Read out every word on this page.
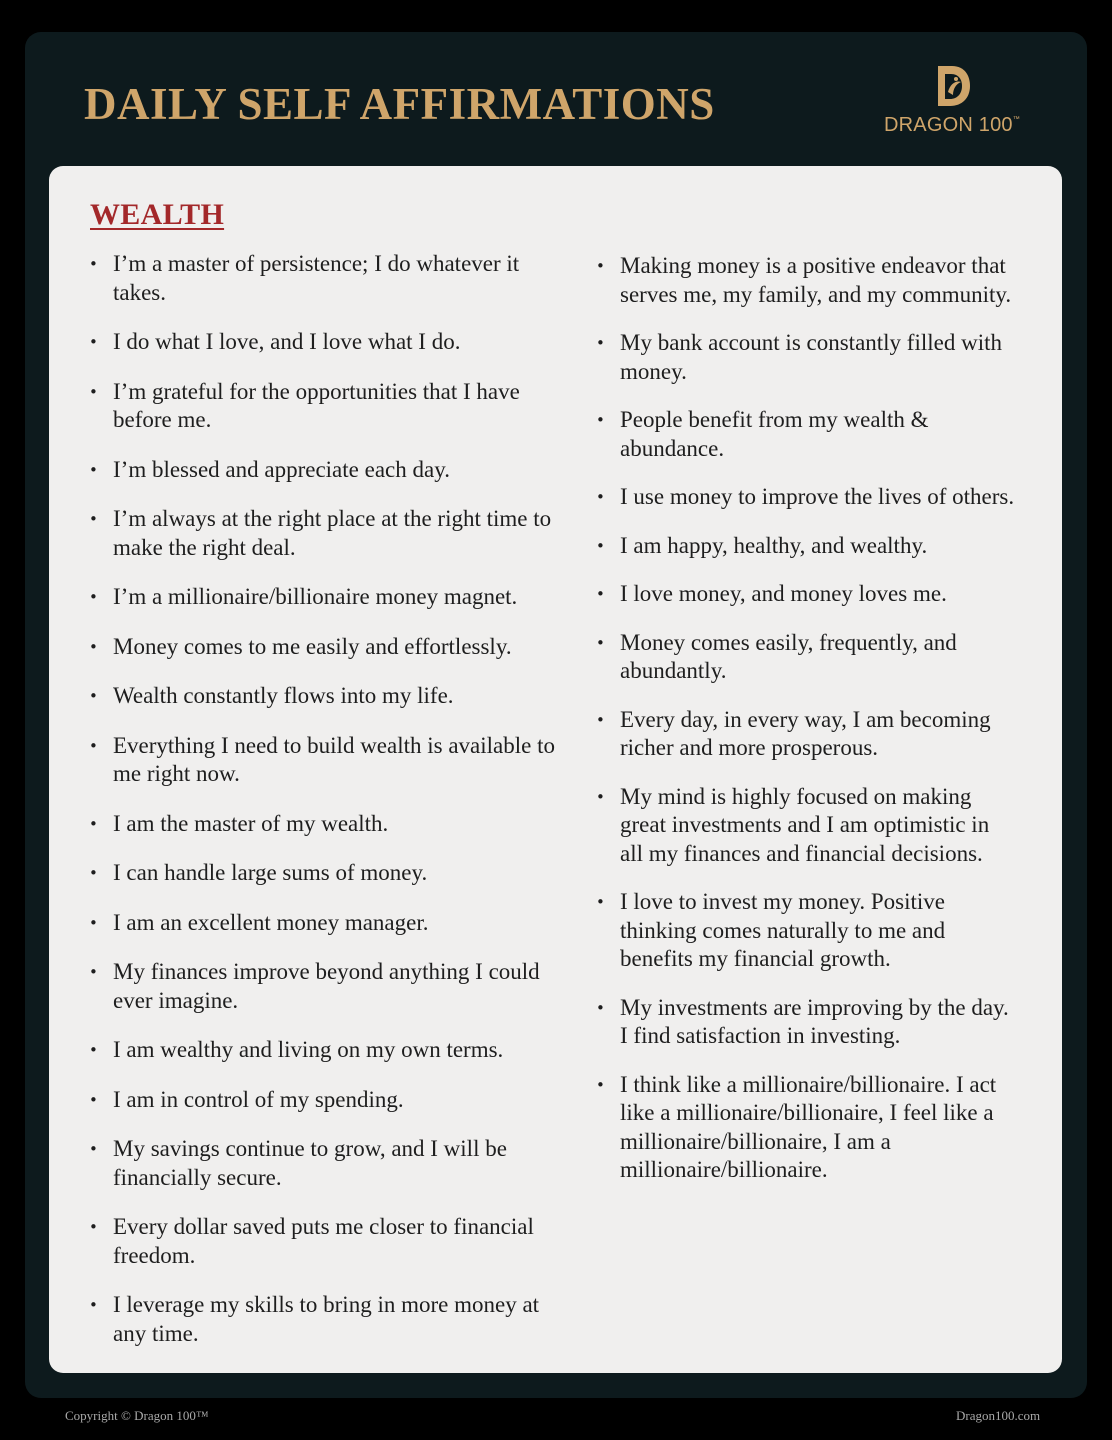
DAILY SELF AFFIRMATIONS	DRAGON 100™
WEALTH
• I’m a master of persistence; I do whatever it takes.
• I do what I love, and I love what I do.
• I’m grateful for the opportunities that I have before me.
• I’m blessed and appreciate each day.
• I’m always at the right place at the right time to make the right deal.
• I’m a millionaire/billionaire money magnet.
• Money comes to me easily and effortlessly.
• Wealth constantly flows into my life.
• Everything I need to build wealth is available to me right now.
• I am the master of my wealth.
• I can handle large sums of money.
• I am an excellent money manager.
• My finances improve beyond anything I could ever imagine.
• I am wealthy and living on my own terms.
• I am in control of my spending.
• My savings continue to grow, and I will be financially secure.
• Every dollar saved puts me closer to financial freedom.
• I leverage my skills to bring in more money at any time.
• Making money is a positive endeavor that serves me, my family, and my community.
• My bank account is constantly filled with money.
• People benefit from my wealth & abundance.
• I use money to improve the lives of others.
• I am happy, healthy, and wealthy.
• I love money, and money loves me.
• Money comes easily, frequently, and abundantly.
• Every day, in every way, I am becoming richer and more prosperous.
• My mind is highly focused on making great investments and I am optimistic in all my finances and financial decisions.
• I love to invest my money. Positive thinking comes naturally to me and benefits my financial growth.
• My investments are improving by the day. I find satisfaction in investing.
• I think like a millionaire/billionaire. I act like a millionaire/billionaire, I feel like a millionaire/billionaire, I am a millionaire/billionaire.
Copyright © Dragon 100™	Dragon100.com
